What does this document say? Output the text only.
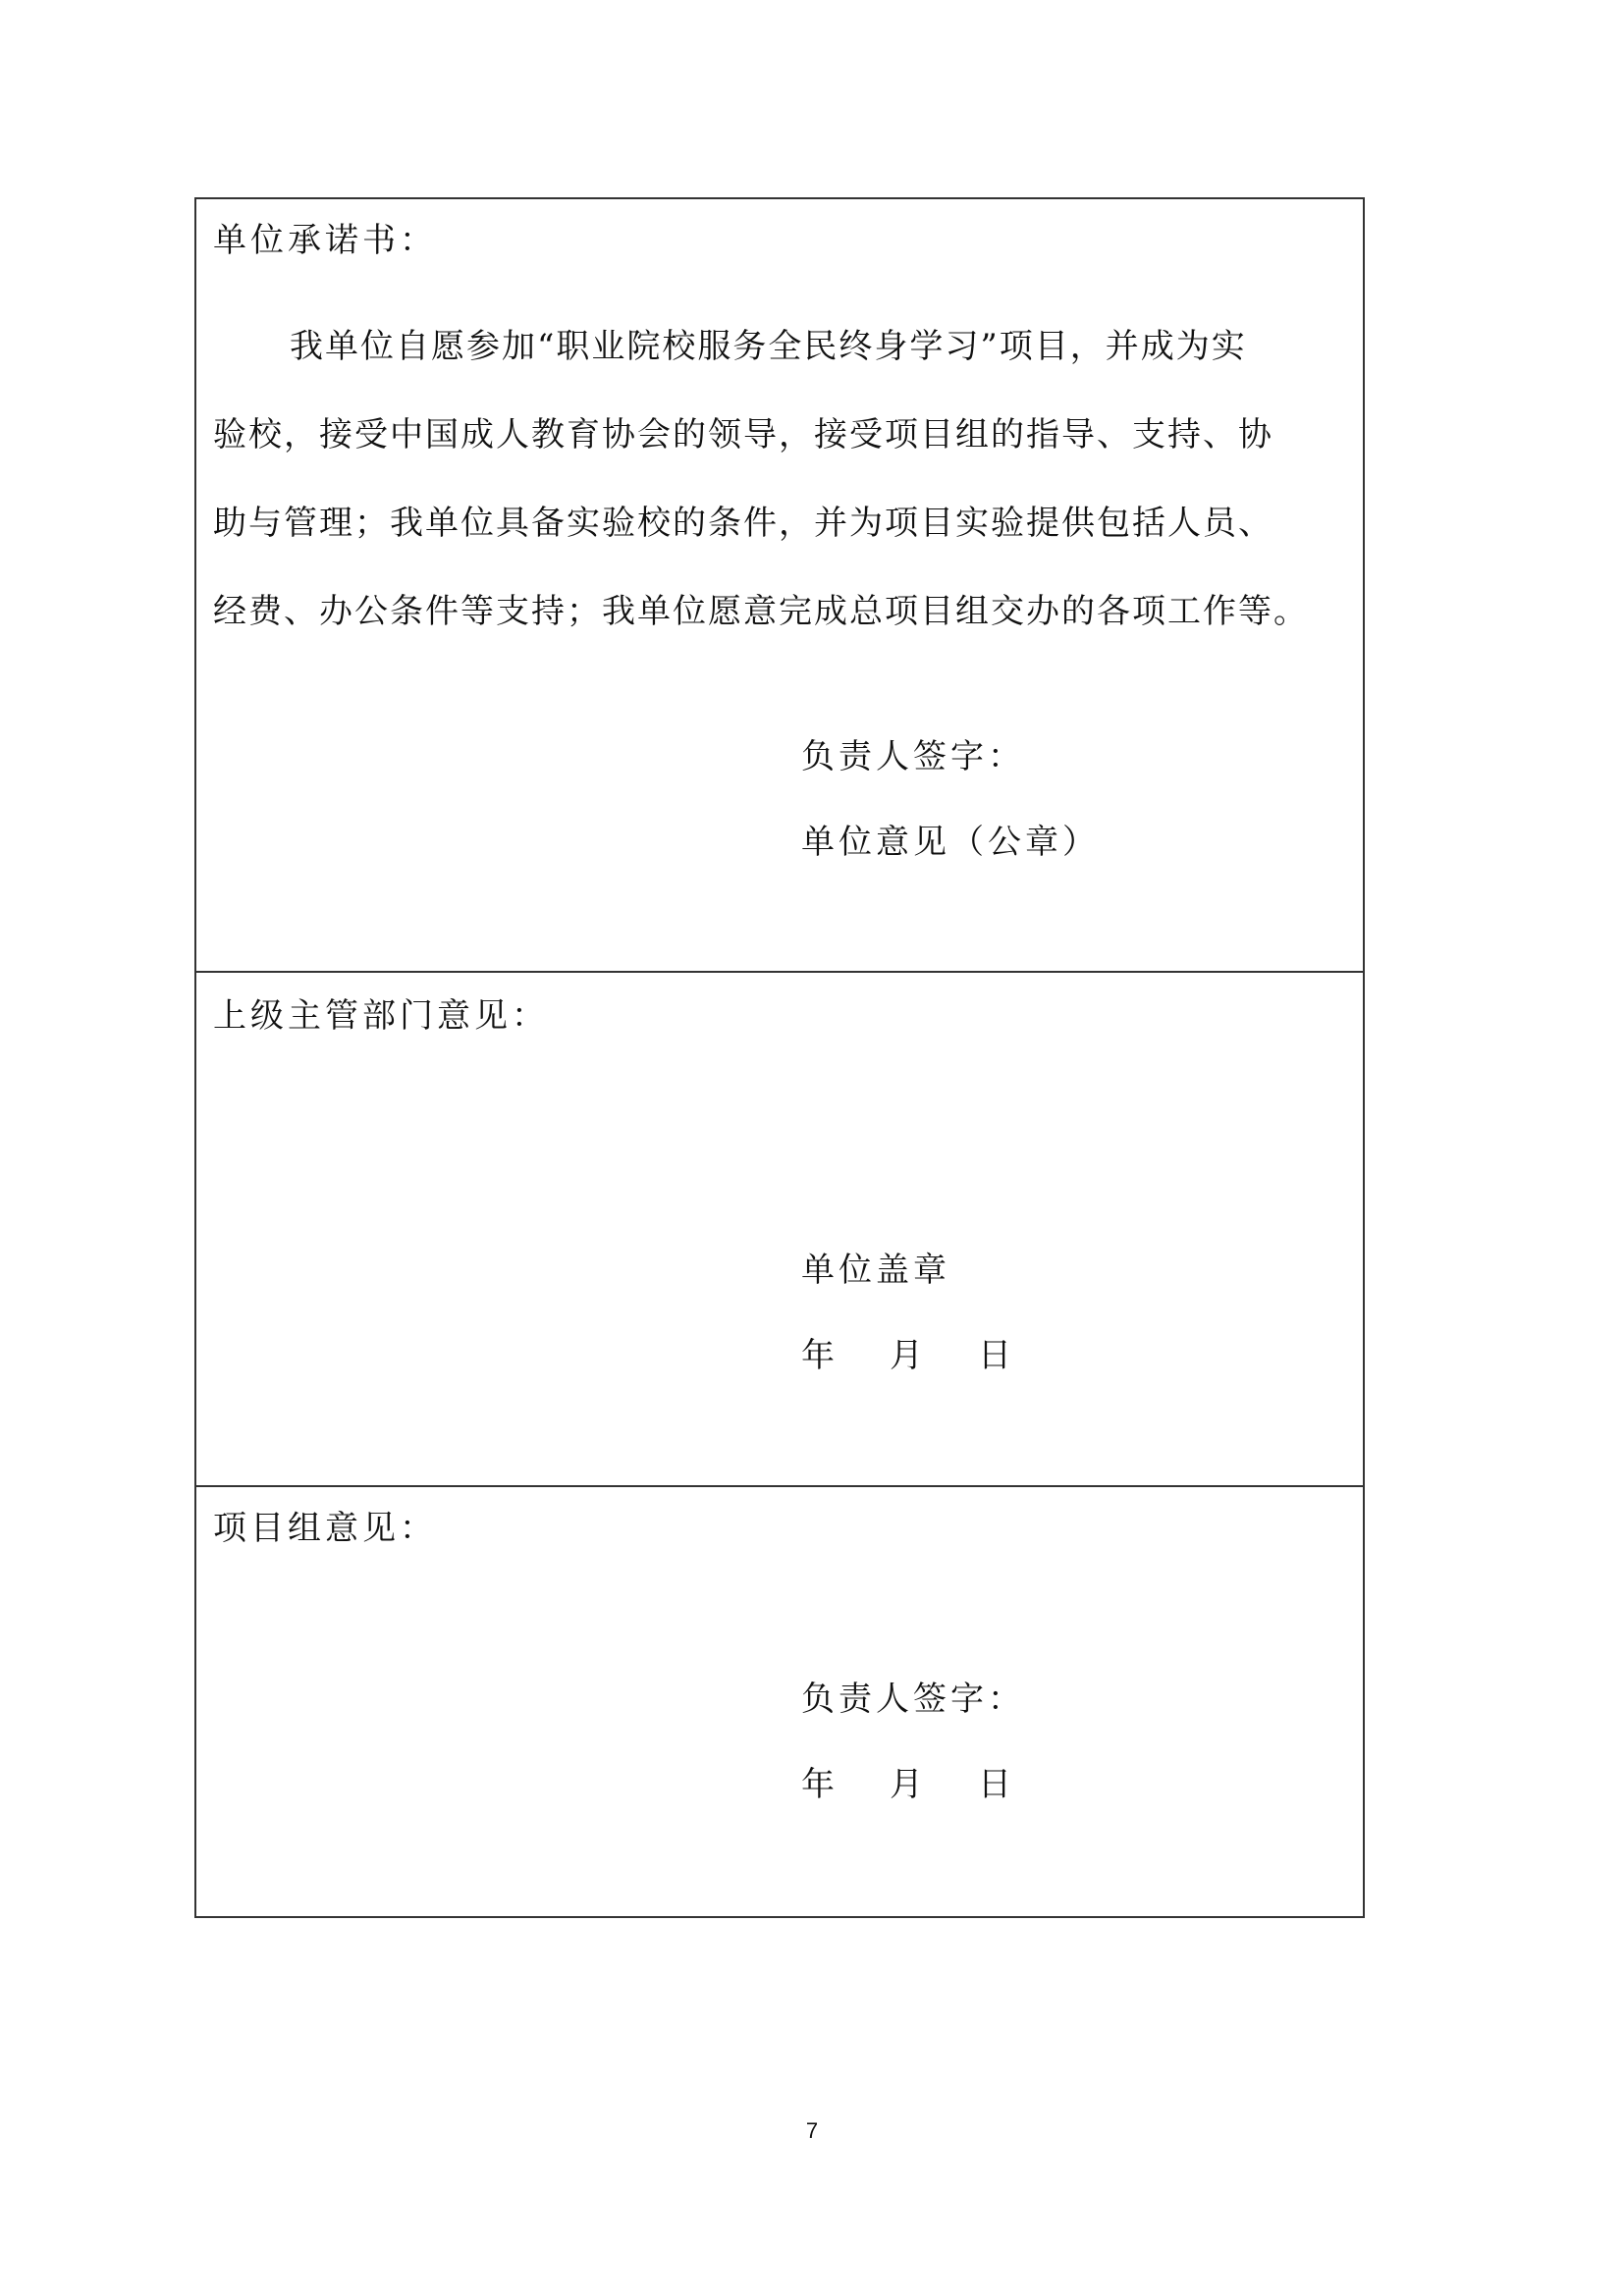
单位承诺书：
我单位自愿参加“职业院校服务全民终身学习”项目，并成为实
验校，接受中国成人教育协会的领导，接受项目组的指导、支持、协
助与管理；我单位具备实验校的条件，并为项目实验提供包括人员、
经费、办公条件等支持；我单位愿意完成总项目组交办的各项工作等。
负责人签字：
单位意见（公章）
上级主管部门意见：
单位盖章
年 月 日
项目组意见：
负责人签字：
年 月 日
7
